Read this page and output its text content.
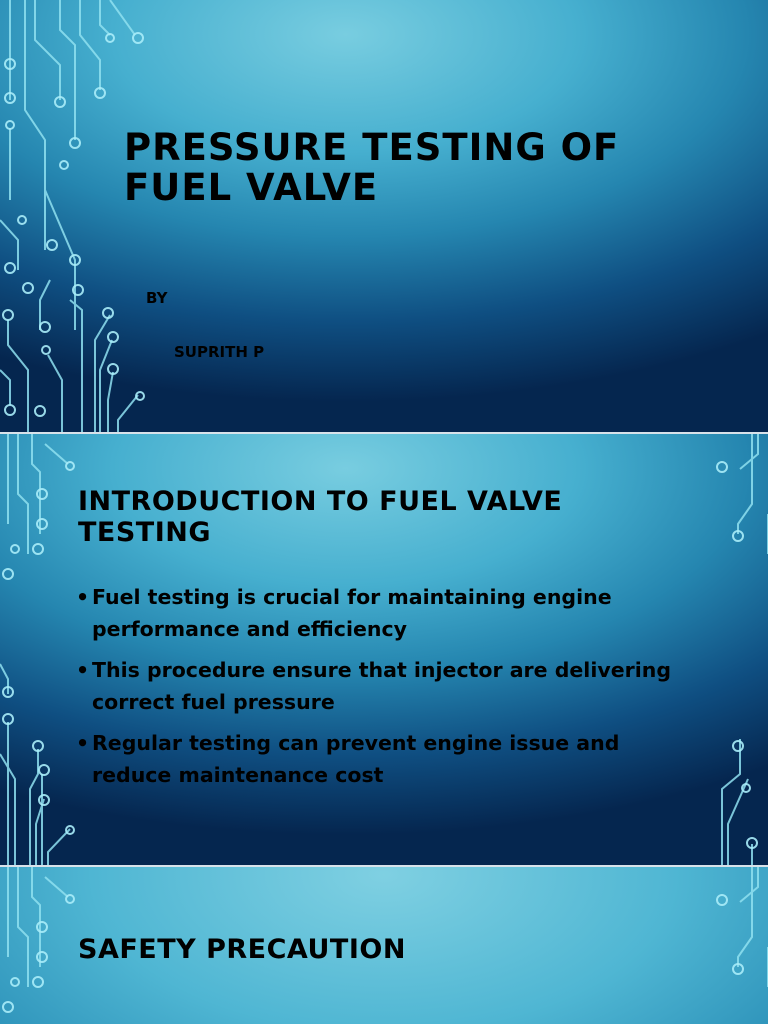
PRESSURE TESTING OF FUEL VALVE

BY

SUPRITH P

INTRODUCTION TO FUEL VALVE TESTING
• Fuel testing is crucial for maintaining engine performance and efficiency
• This procedure ensure that injector are delivering correct fuel pressure
• Regular testing can prevent engine issue and reduce maintenance cost
SAFETY PRECAUTION
